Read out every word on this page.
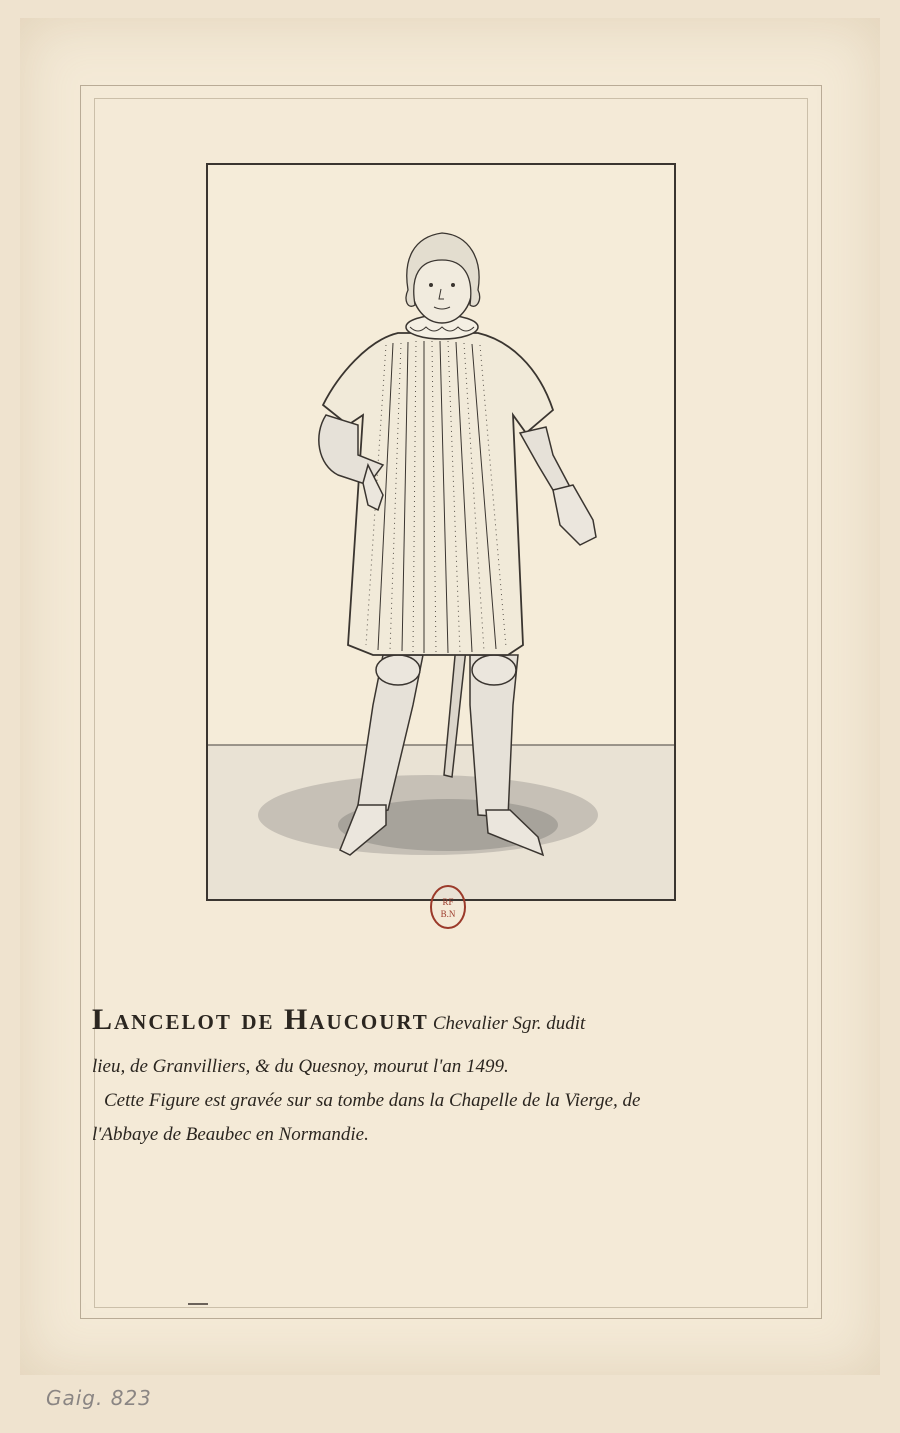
RF
B.N
Lancelot de Haucourt Chevalier Sgr. dudit
lieu, de Granvilliers, & du Quesnoy, mourut l'an 1499.
Cette Figure est gravée sur sa tombe dans la Chapelle de la Vierge, de
l'Abbaye de Beaubec en Normandie.
Gaig. 823
